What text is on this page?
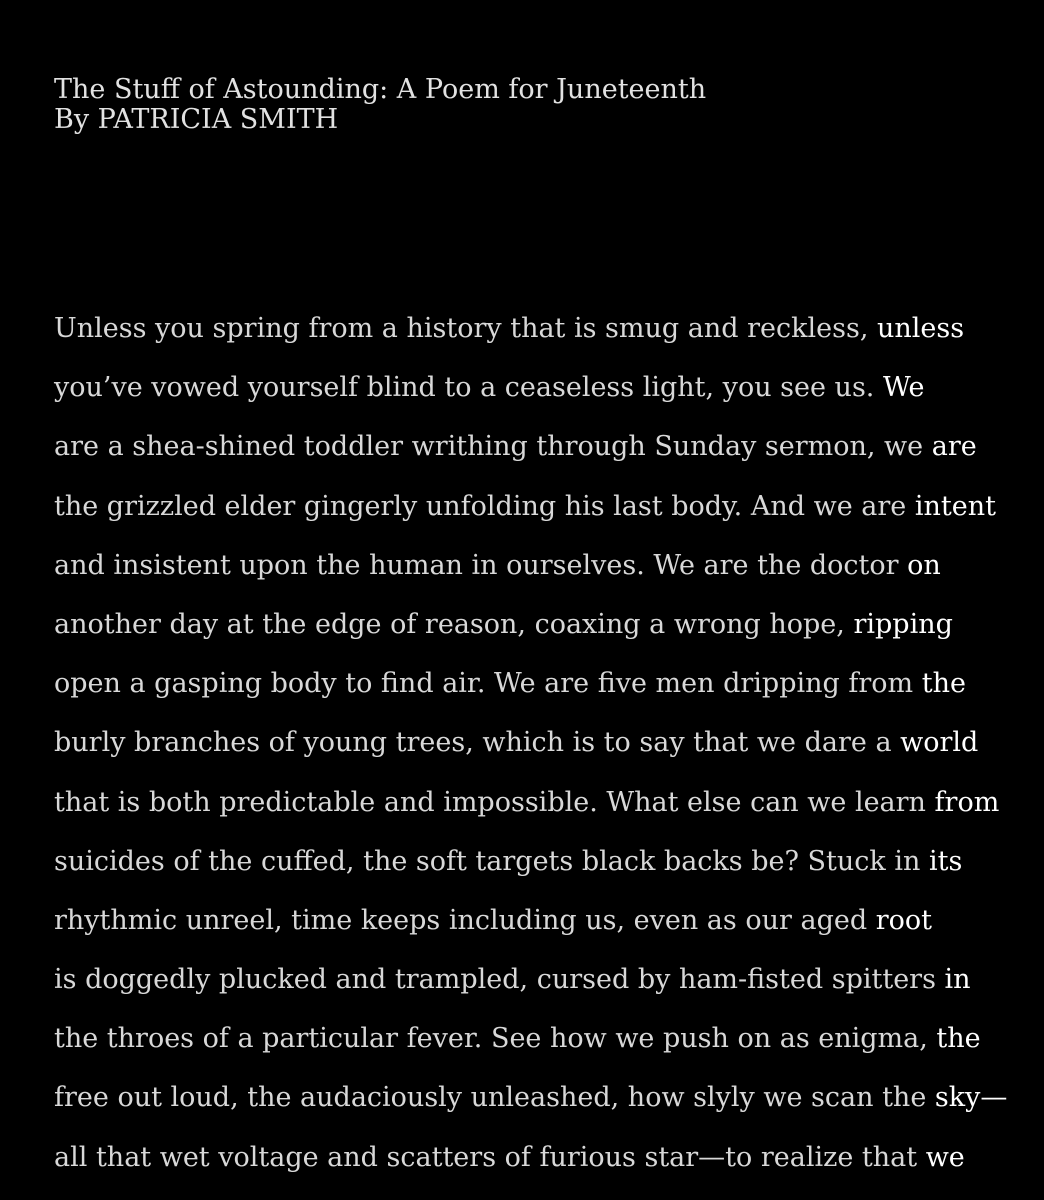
The Stuff of Astounding: A Poem for Juneteenth
By PATRICIA SMITH
Unless you spring from a history that is smug and reckless, unless
you’ve vowed yourself blind to a ceaseless light, you see us. We
are a shea-shined toddler writhing through Sunday sermon, we are
the grizzled elder gingerly unfolding his last body. And we are intent
and insistent upon the human in ourselves. We are the doctor on
another day at the edge of reason, coaxing a wrong hope, ripping
open a gasping body to find air. We are five men dripping from the
burly branches of young trees, which is to say that we dare a world
that is both predictable and impossible. What else can we learn from
suicides of the cuffed, the soft targets black backs be? Stuck in its
rhythmic unreel, time keeps including us, even as our aged root
is doggedly plucked and trampled, cursed by ham-fisted spitters in
the throes of a particular fever. See how we push on as enigma, the
free out loud, the audaciously unleashed, how slyly we scan the sky—
all that wet voltage and scatters of furious star—to realize that we
